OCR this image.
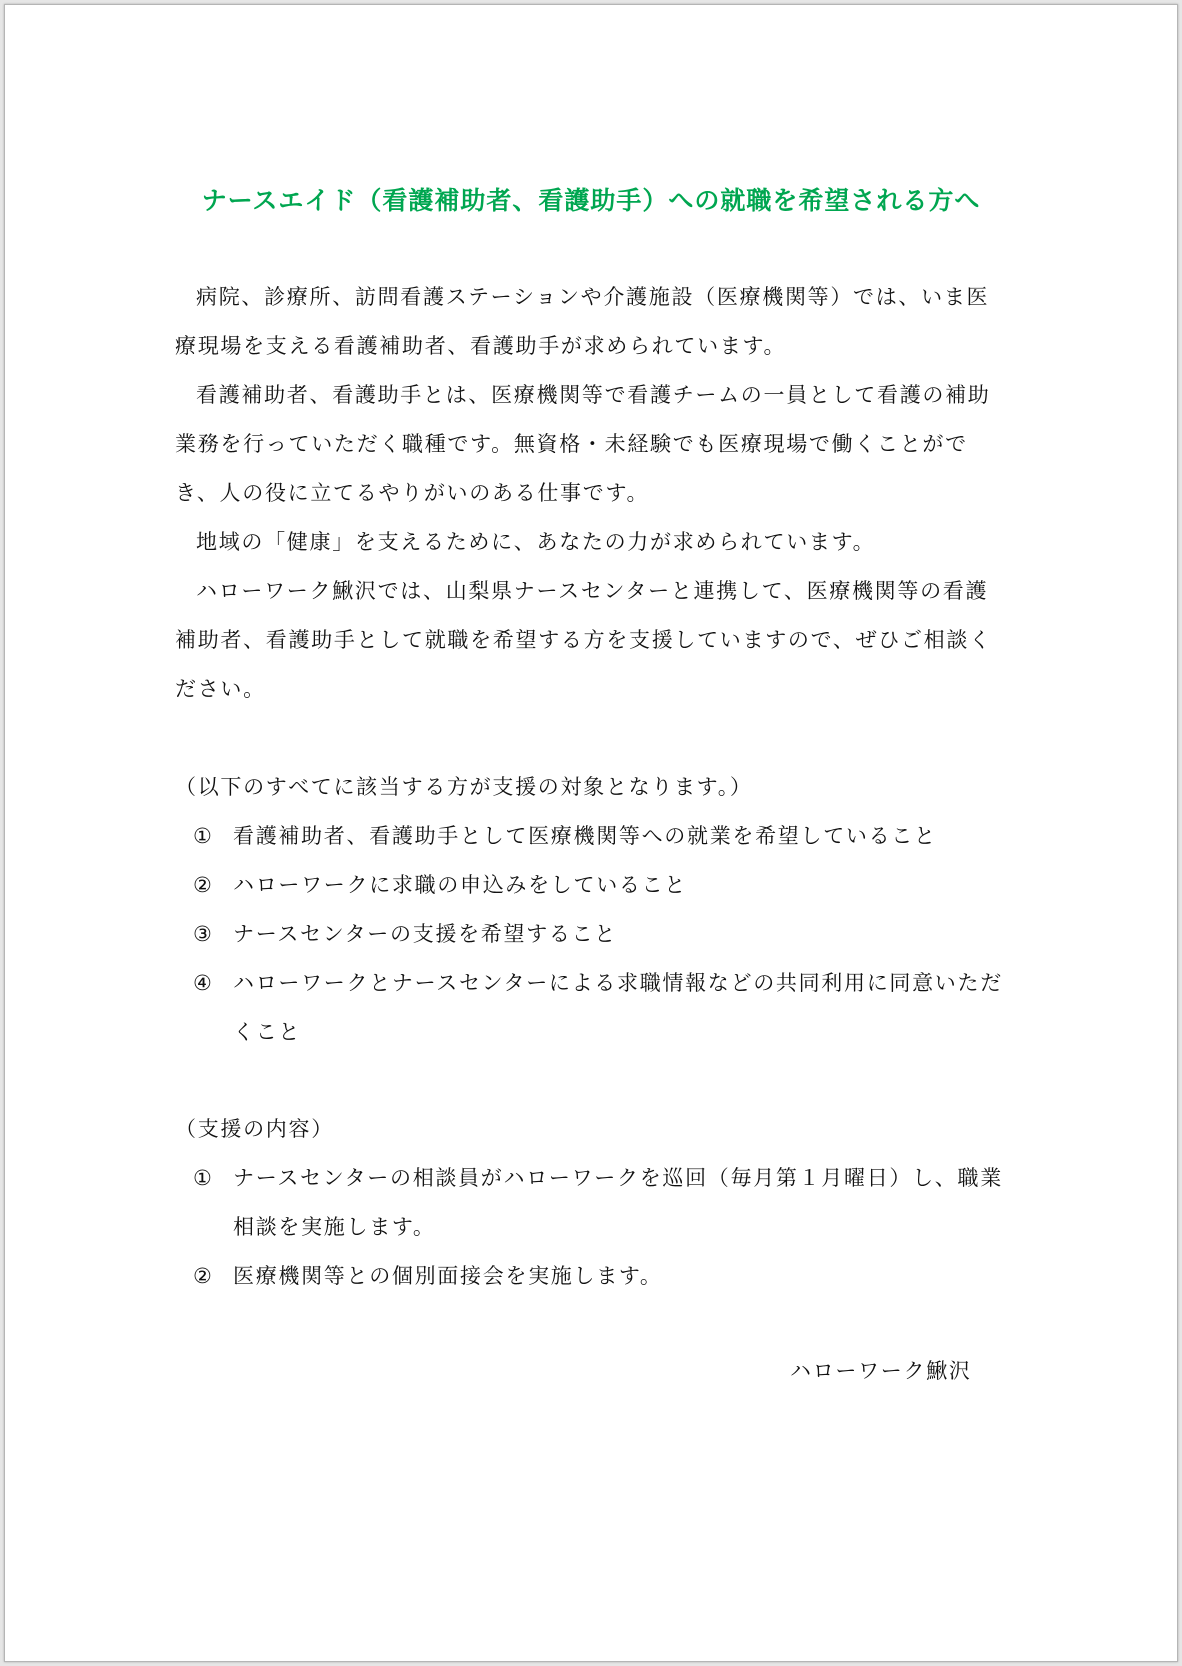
ナースエイド（看護補助者、看護助手）への就職を希望される方へ

病院、診療所、訪問看護ステーションや介護施設（医療機関等）では、いま医療現場を支える看護補助者、看護助手が求められています。

看護補助者、看護助手とは、医療機関等で看護チームの一員として看護の補助業務を行っていただく職種です。無資格・未経験でも医療現場で働くことができ、人の役に立てるやりがいのある仕事です。

地域の「健康」を支えるために、あなたの力が求められています。

ハローワーク鰍沢では、山梨県ナースセンターと連携して、医療機関等の看護補助者、看護助手として就職を希望する方を支援していますので、ぜひご相談ください。

（以下のすべてに該当する方が支援の対象となります。）

① 看護補助者、看護助手として医療機関等への就業を希望していること
② ハローワークに求職の申込みをしていること
③ ナースセンターの支援を希望すること
④ ハローワークとナースセンターによる求職情報などの共同利用に同意いただくこと

（支援の内容）

① ナースセンターの相談員がハローワークを巡回（毎月第１月曜日）し、職業相談を実施します。
② 医療機関等との個別面接会を実施します。
ハローワーク鰍沢
